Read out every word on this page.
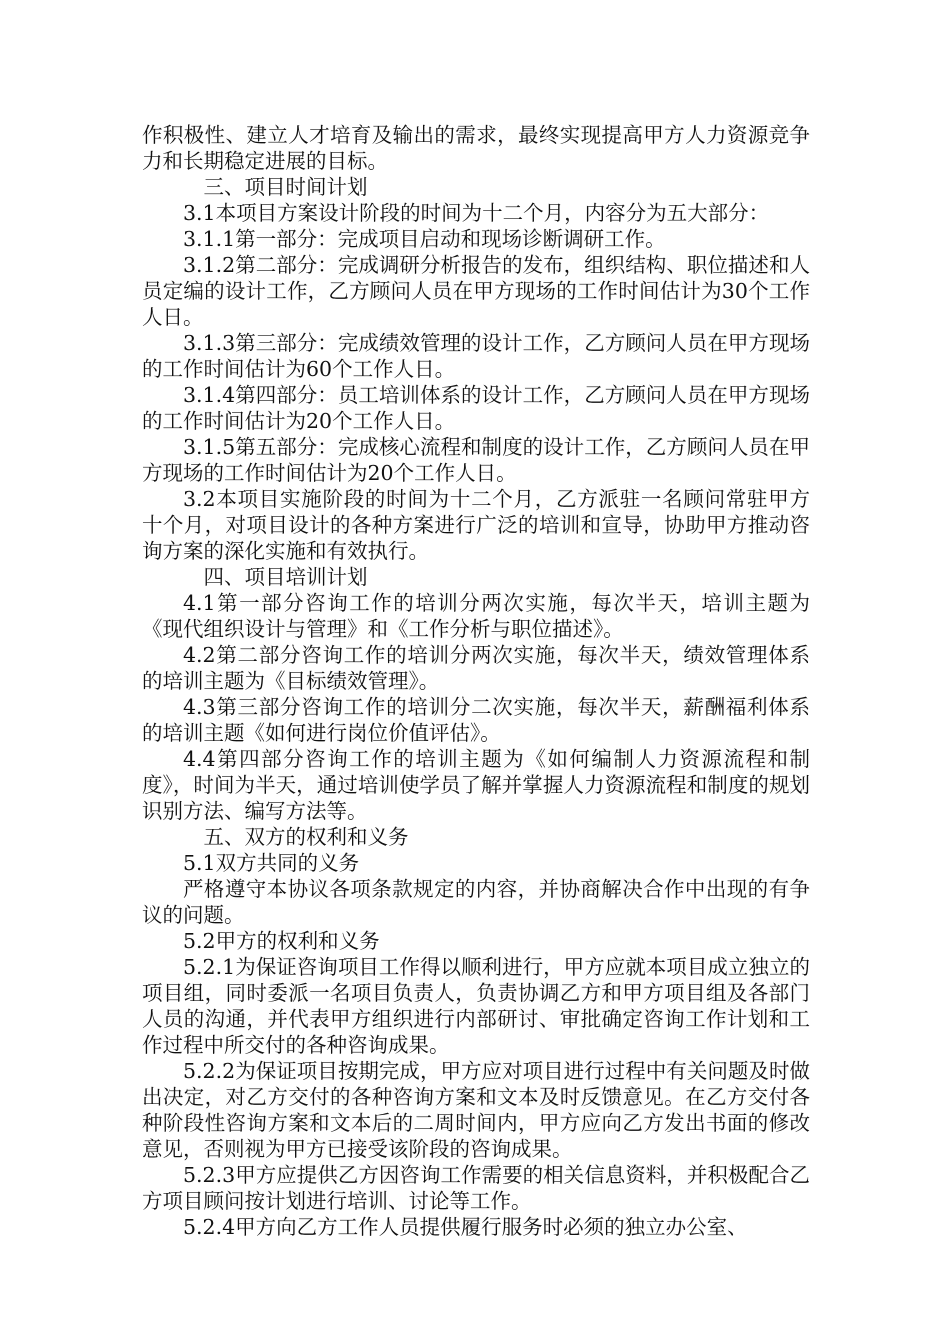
作积极性、建立人才培育及输出的需求，最终实现提高甲方人力资源竞争力和长期稳定进展的目标。

三、项目时间计划

3.1本项目方案设计阶段的时间为十二个月，内容分为五大部分：

3.1.1第一部分：完成项目启动和现场诊断调研工作。

3.1.2第二部分：完成调研分析报告的发布，组织结构、职位描述和人员定编的设计工作，乙方顾问人员在甲方现场的工作时间估计为30个工作人日。

3.1.3第三部分：完成绩效管理的设计工作，乙方顾问人员在甲方现场的工作时间估计为60个工作人日。

3.1.4第四部分：员工培训体系的设计工作，乙方顾问人员在甲方现场的工作时间估计为20个工作人日。

3.1.5第五部分：完成核心流程和制度的设计工作，乙方顾问人员在甲方现场的工作时间估计为20个工作人日。

3.2本项目实施阶段的时间为十二个月，乙方派驻一名顾问常驻甲方十个月，对项目设计的各种方案进行广泛的培训和宣导，协助甲方推动咨询方案的深化实施和有效执行。

四、项目培训计划

4.1第一部分咨询工作的培训分两次实施，每次半天，培训主题为《现代组织设计与管理》和《工作分析与职位描述》。

4.2第二部分咨询工作的培训分两次实施，每次半天，绩效管理体系的培训主题为《目标绩效管理》。

4.3第三部分咨询工作的培训分二次实施，每次半天，薪酬福利体系的培训主题《如何进行岗位价值评估》。

4.4第四部分咨询工作的培训主题为《如何编制人力资源流程和制度》，时间为半天，通过培训使学员了解并掌握人力资源流程和制度的规划识别方法、编写方法等。

五、双方的权利和义务

5.1双方共同的义务

严格遵守本协议各项条款规定的内容，并协商解决合作中出现的有争议的问题。

5.2甲方的权利和义务

5.2.1为保证咨询项目工作得以顺利进行，甲方应就本项目成立独立的项目组，同时委派一名项目负责人，负责协调乙方和甲方项目组及各部门人员的沟通，并代表甲方组织进行内部研讨、审批确定咨询工作计划和工作过程中所交付的各种咨询成果。

5.2.2为保证项目按期完成，甲方应对项目进行过程中有关问题及时做出决定，对乙方交付的各种咨询方案和文本及时反馈意见。在乙方交付各种阶段性咨询方案和文本后的二周时间内，甲方应向乙方发出书面的修改意见，否则视为甲方已接受该阶段的咨询成果。

5.2.3甲方应提供乙方因咨询工作需要的相关信息资料，并积极配合乙方项目顾问按计划进行培训、讨论等工作。

5.2.4甲方向乙方工作人员提供履行服务时必须的独立办公室、
